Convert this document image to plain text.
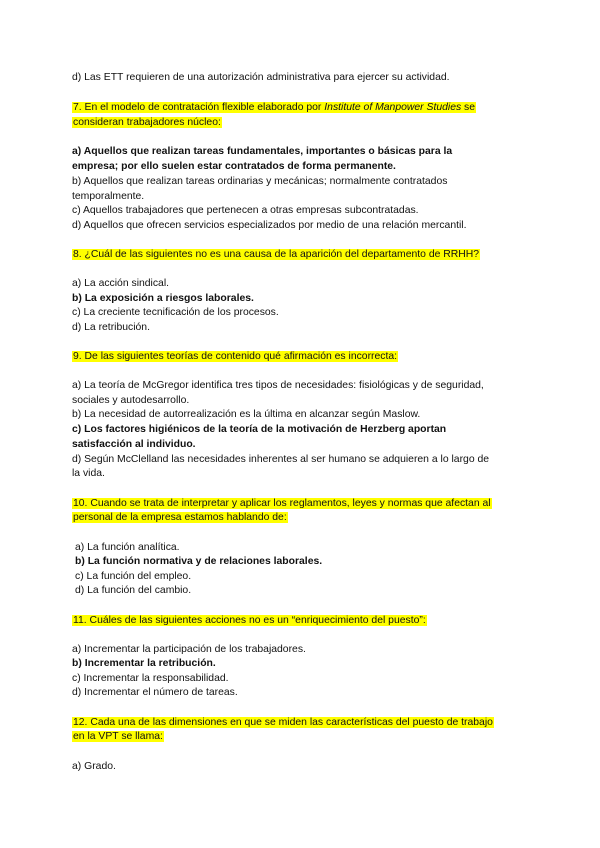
d) Las ETT requieren de una autorización administrativa para ejercer su actividad.
7. En el modelo de contratación flexible elaborado por Institute of Manpower Studies se
consideran trabajadores núcleo:
a) Aquellos que realizan tareas fundamentales, importantes o básicas para la
empresa; por ello suelen estar contratados de forma permanente.
b) Aquellos que realizan tareas ordinarias y mecánicas; normalmente contratados
temporalmente.
c) Aquellos trabajadores que pertenecen a otras empresas subcontratadas.
d) Aquellos que ofrecen servicios especializados por medio de una relación mercantil.
8. ¿Cuál de las siguientes no es una causa de la aparición del departamento de RRHH?
a) La acción sindical.
b) La exposición a riesgos laborales.
c) La creciente tecnificación de los procesos.
d) La retribución.
9. De las siguientes teorías de contenido qué afirmación es incorrecta:
a) La teoría de McGregor identifica tres tipos de necesidades: fisiológicas y de seguridad,
sociales y autodesarrollo.
b) La necesidad de autorrealización es la última en alcanzar según Maslow.
c) Los factores higiénicos de la teoría de la motivación de Herzberg aportan
satisfacción al individuo.
d) Según McClelland las necesidades inherentes al ser humano se adquieren a lo largo de
la vida.
10. Cuando se trata de interpretar y aplicar los reglamentos, leyes y normas que afectan al
personal de la empresa estamos hablando de:
a) La función analítica.
b) La función normativa y de relaciones laborales.
c) La función del empleo.
d) La función del cambio.
11. Cuáles de las siguientes acciones no es un “enriquecimiento del puesto”:
a) Incrementar la participación de los trabajadores.
b) Incrementar la retribución.
c) Incrementar la responsabilidad.
d) Incrementar el número de tareas.
12. Cada una de las dimensiones en que se miden las características del puesto de trabajo
en la VPT se llama:
a) Grado.
